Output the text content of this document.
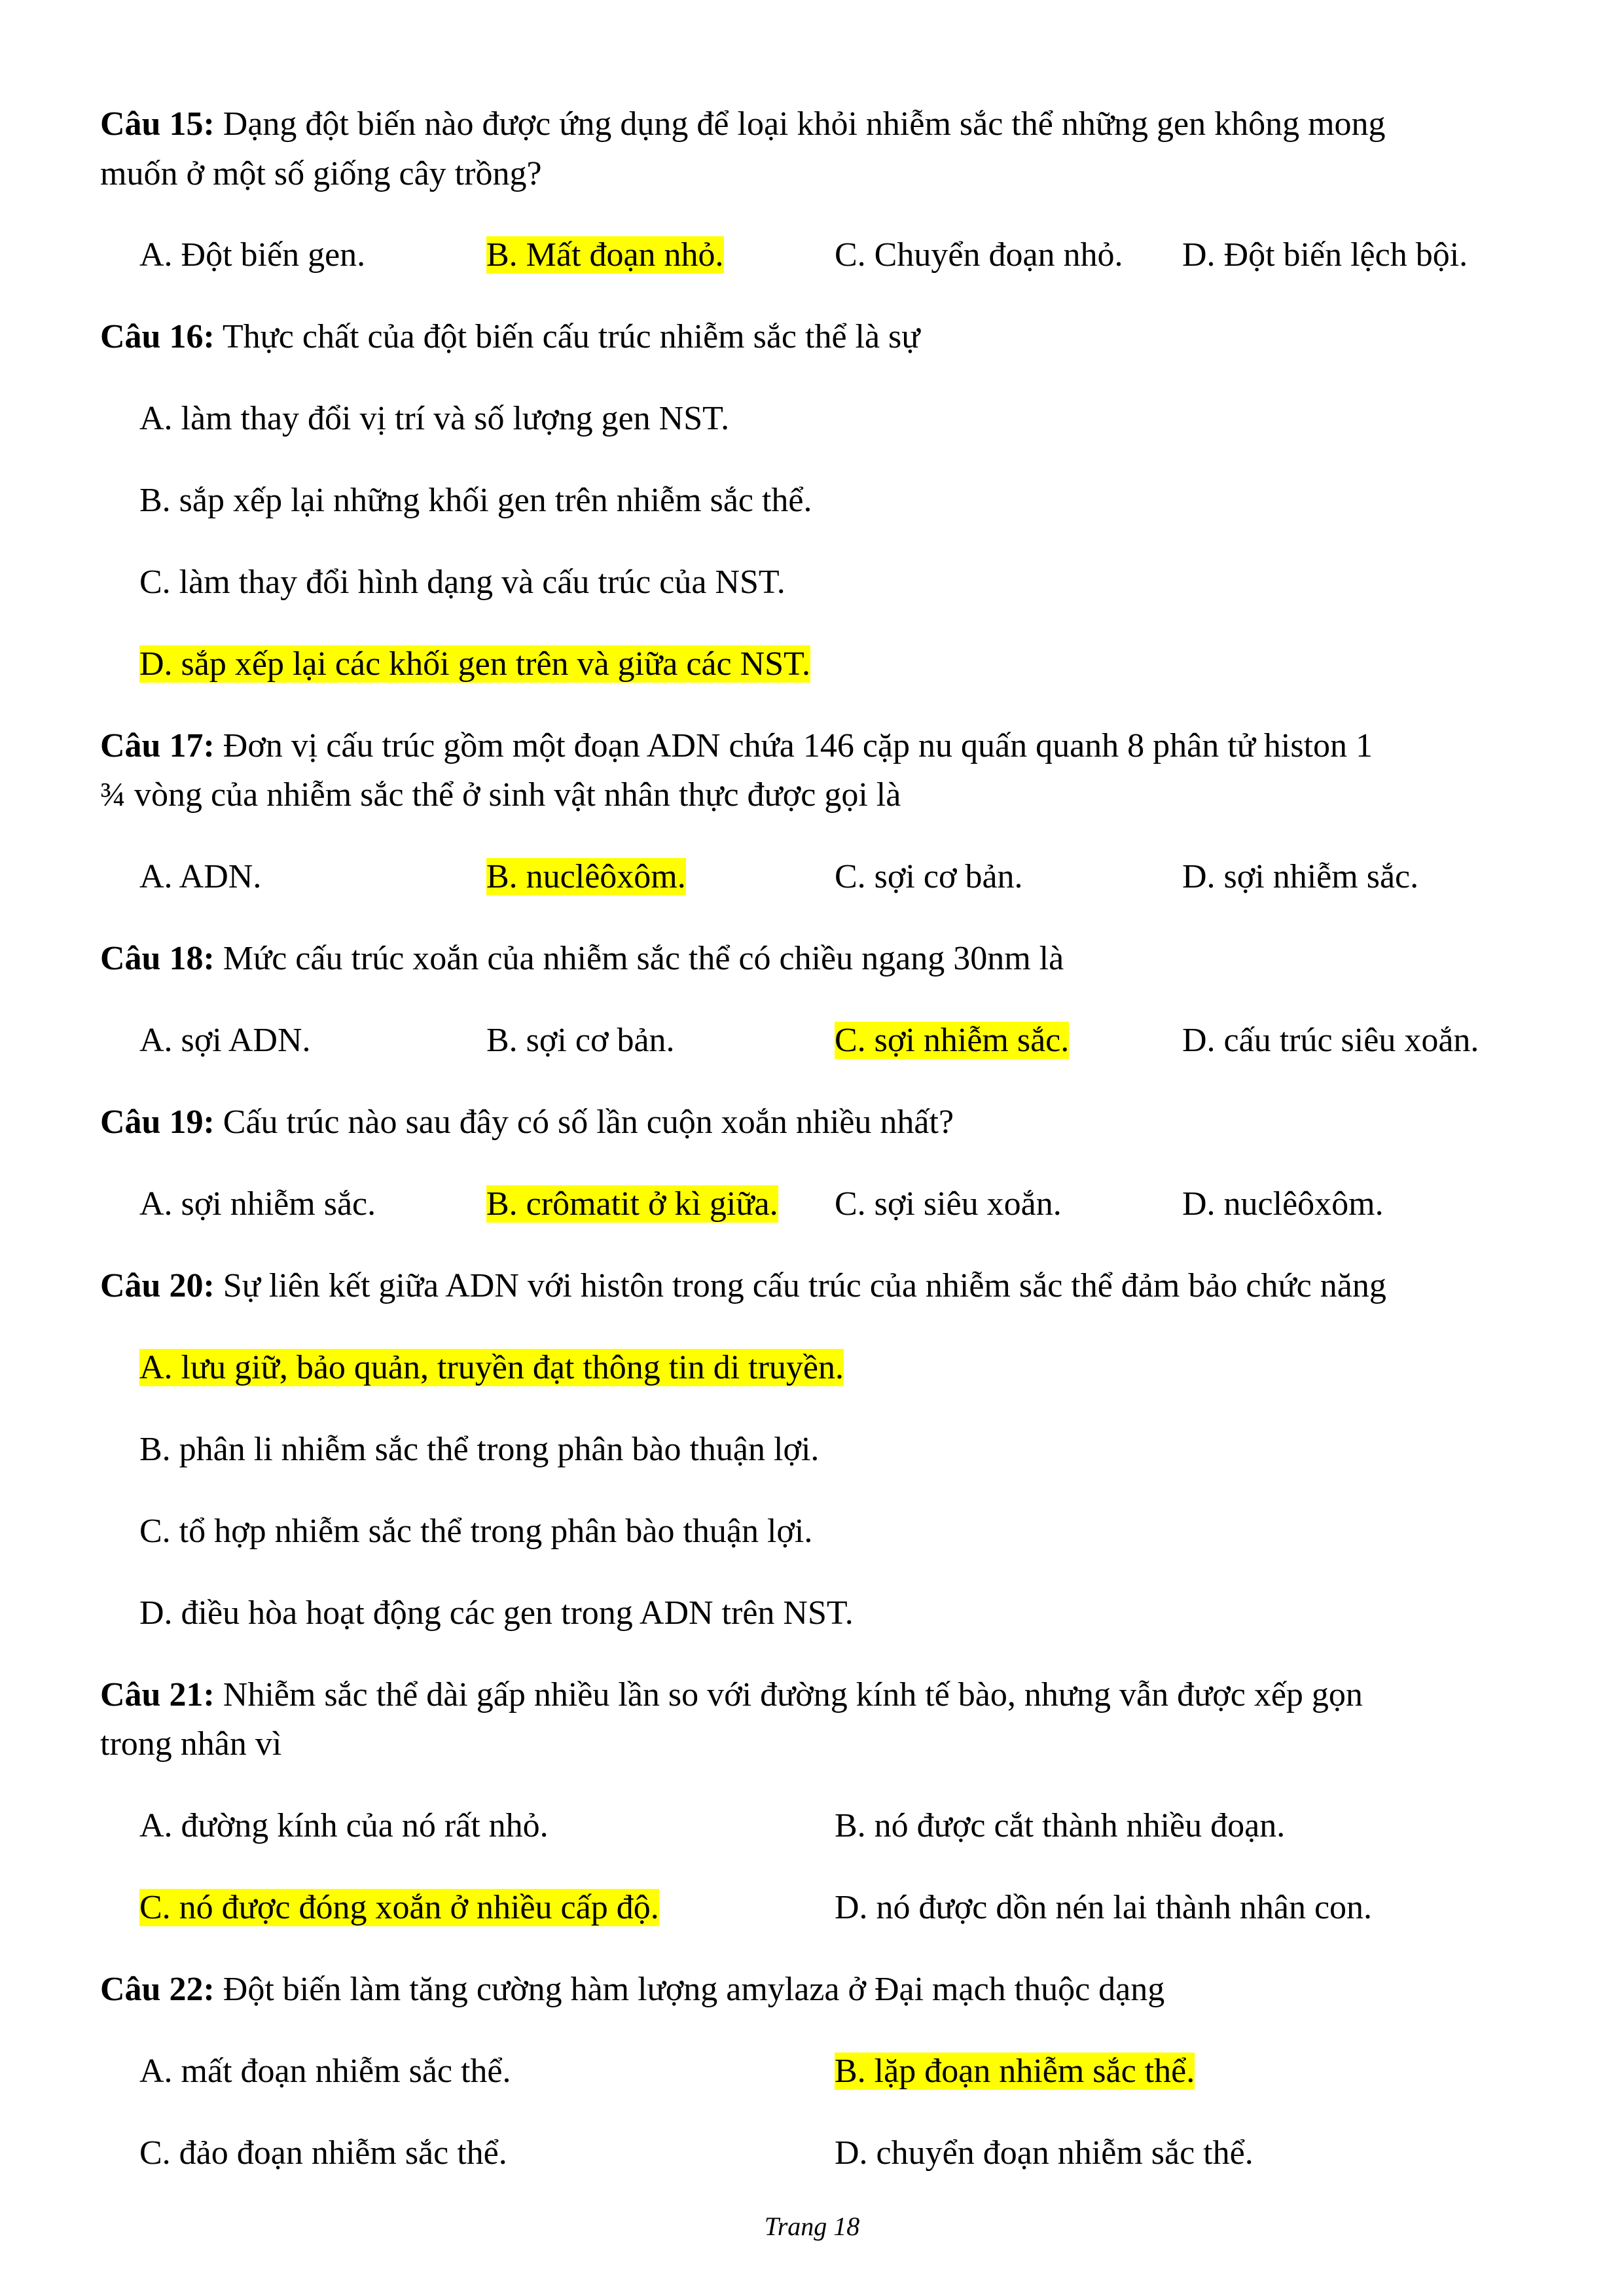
Câu 15: Dạng đột biến nào được ứng dụng để loại khỏi nhiễm sắc thể những gen không mong
muốn ở một số giống cây trồng?
A. Đột biến gen.	B. Mất đoạn nhỏ.	C. Chuyển đoạn nhỏ. D. Đột biến lệch bội.
Câu 16: Thực chất của đột biến cấu trúc nhiễm sắc thể là sự
A. làm thay đổi vị trí và số lượng gen NST.
B. sắp xếp lại những khối gen trên nhiễm sắc thể.
C. làm thay đổi hình dạng và cấu trúc của NST.
D. sắp xếp lại các khối gen trên và giữa các NST.
Câu 17: Đơn vị cấu trúc gồm một đoạn ADN chứa 146 cặp nu quấn quanh 8 phân tử histon 1
¾ vòng của nhiễm sắc thể ở sinh vật nhân thực được gọi là
A. ADN.	B. nuclêôxôm.	C. sợi cơ bản.	D. sợi nhiễm sắc.
Câu 18: Mức cấu trúc xoắn của nhiễm sắc thể có chiều ngang 30nm là
A. sợi ADN.	B. sợi cơ bản.	C. sợi nhiễm sắc.	D. cấu trúc siêu xoắn.
Câu 19: Cấu trúc nào sau đây có số lần cuộn xoắn nhiều nhất?
A. sợi nhiễm sắc.	B. crômatit ở kì giữa. C. sợi siêu xoắn.	D. nuclêôxôm.
Câu 20: Sự liên kết giữa ADN với histôn trong cấu trúc của nhiễm sắc thể đảm bảo chức năng
A. lưu giữ, bảo quản, truyền đạt thông tin di truyền.
B. phân li nhiễm sắc thể trong phân bào thuận lợi.
C. tổ hợp nhiễm sắc thể trong phân bào thuận lợi.
D. điều hòa hoạt động các gen trong ADN trên NST.
Câu 21: Nhiễm sắc thể dài gấp nhiều lần so với đường kính tế bào, nhưng vẫn được xếp gọn
trong nhân vì
A. đường kính của nó rất nhỏ.	B. nó được cắt thành nhiều đoạn.
C. nó được đóng xoắn ở nhiều cấp độ.	D. nó được dồn nén lai thành nhân con.
Câu 22: Đột biến làm tăng cường hàm lượng amylaza ở Đại mạch thuộc dạng
A. mất đoạn nhiễm sắc thể.	B. lặp đoạn nhiễm sắc thể.
C. đảo đoạn nhiễm sắc thể.	D. chuyển đoạn nhiễm sắc thể.
Trang 18
